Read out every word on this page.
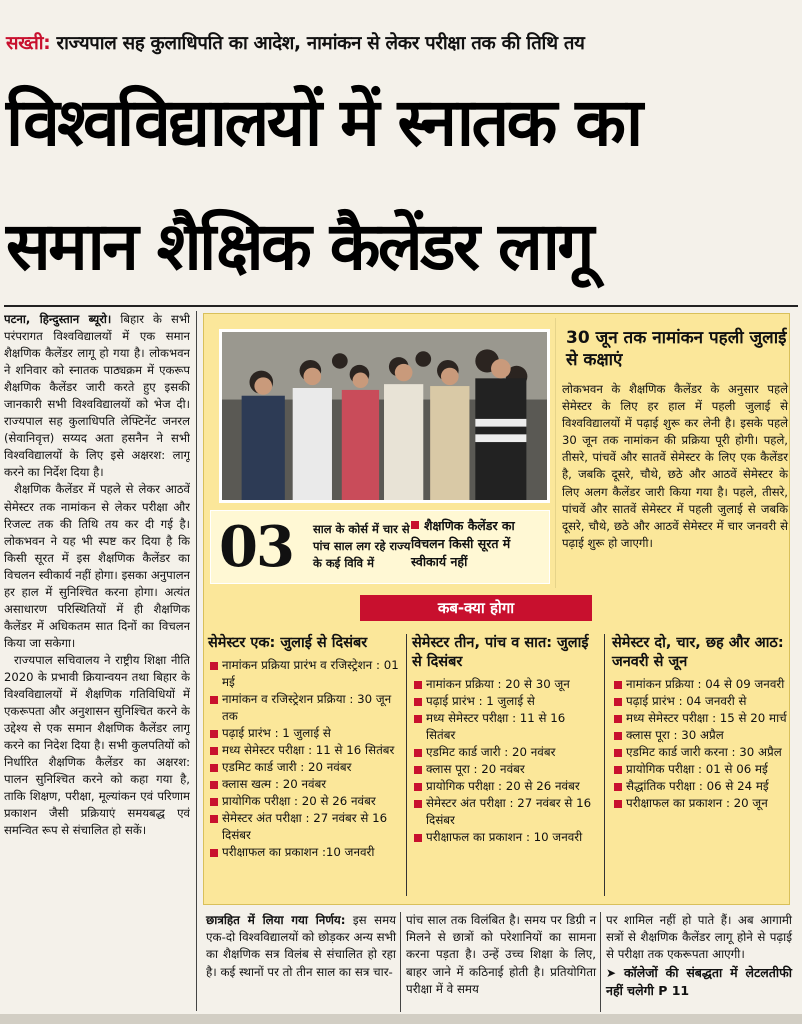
सख्ती: राज्यपाल सह कुलाधिपति का आदेश, नामांकन से लेकर परीक्षा तक की तिथि तय
विश्वविद्यालयों में स्नातक का
समान शैक्षिक कैलेंडर लागू

पटना, हिन्दुस्तान ब्यूरो। बिहार के सभी परंपरागत विश्वविद्यालयों में एक समान शैक्षणिक कैलेंडर लागू हो गया है। लोकभवन ने शनिवार को स्नातक पाठ्यक्रम में एकरूप शैक्षणिक कैलेंडर जारी करते हुए इसकी जानकारी सभी विश्वविद्यालयों को भेज दी। राज्यपाल सह कुलाधिपति लेफ्टिनेंट जनरल (सेवानिवृत्त) सय्यद अता हसनैन ने सभी विश्वविद्यालयों के लिए इसे अक्षरश: लागू करने का निर्देश दिया है।

शैक्षणिक कैलेंडर में पहले से लेकर आठवें सेमेस्टर तक नामांकन से लेकर परीक्षा और रिजल्ट तक की तिथि तय कर दी गई है। लोकभवन ने यह भी स्पष्ट कर दिया है कि किसी सूरत में इस शैक्षणिक कैलेंडर का विचलन स्वीकार्य नहीं होगा। इसका अनुपालन हर हाल में सुनिश्चित करना होगा। अत्यंत असाधारण परिस्थितियों में ही शैक्षणिक कैलेंडर में अधिकतम सात दिनों का विचलन किया जा सकेगा।

राज्यपाल सचिवालय ने राष्ट्रीय शिक्षा नीति 2020 के प्रभावी क्रियान्वयन तथा बिहार के विश्वविद्यालयों में शैक्षणिक गतिविधियों में एकरूपता और अनुशासन सुनिश्चित करने के उद्देश्य से एक समान शैक्षणिक कैलेंडर लागू करने का निदेश दिया है। सभी कुलपतियों को निर्धारित शैक्षणिक कैलेंडर का अक्षरश: पालन सुनिश्चित करने को कहा गया है, ताकि शिक्षण, परीक्षा, मूल्यांकन एवं परिणाम प्रकाशन जैसी प्रक्रियाएं समयबद्ध एवं समन्वित रूप से संचालित हो सकें।

03 साल के कोर्स में चार से पांच साल लग रहे राज्य के कई विवि में
शैक्षणिक कैलेंडर का विचलन किसी सूरत में स्वीकार्य नहीं
30 जून तक नामांकन पहली जुलाई से कक्षाएं
लोकभवन के शैक्षणिक कैलेंडर के अनुसार पहले सेमेस्टर के लिए हर हाल में पहली जुलाई से विश्वविद्यालयों में पढ़ाई शुरू कर लेनी है। इसके पहले 30 जून तक नामांकन की प्रक्रिया पूरी होगी। पहले, तीसरे, पांचवें और सातवें सेमेस्टर के लिए एक कैलेंडर है, जबकि दूसरे, चौथे, छठे और आठवें सेमेस्टर के लिए अलग कैलेंडर जारी किया गया है। पहले, तीसरे, पांचवें और सातवें सेमेस्टर में पहली जुलाई से जबकि दूसरे, चौथे, छठे और आठवें सेमेस्टर में चार जनवरी से पढ़ाई शुरू हो जाएगी।
कब-क्या होगा
सेमेस्टर एक: जुलाई से दिसंबर
नामांकन प्रक्रिया प्रारंभ व रजिस्ट्रेशन : 01 मई
नामांकन व रजिस्ट्रेशन प्रक्रिया : 30 जून तक
पढ़ाई प्रारंभ : 1 जुलाई से
मध्य सेमेस्टर परीक्षा : 11 से 16 सितंबर
एडमिट कार्ड जारी : 20 नवंबर
क्लास खत्म : 20 नवंबर
प्रायोगिक परीक्षा : 20 से 26 नवंबर
सेमेस्टर अंत परीक्षा : 27 नवंबर से 16 दिसंबर
परीक्षाफल का प्रकाशन :10 जनवरी
सेमेस्टर तीन, पांच व सात: जुलाई से दिसंबर
नामांकन प्रक्रिया : 20 से 30 जून
पढ़ाई प्रारंभ : 1 जुलाई से
मध्य सेमेस्टर परीक्षा : 11 से 16 सितंबर
एडमिट कार्ड जारी : 20 नवंबर
क्लास पूरा : 20 नवंबर
प्रायोगिक परीक्षा : 20 से 26 नवंबर
सेमेस्टर अंत परीक्षा : 27 नवंबर से 16 दिसंबर
परीक्षाफल का प्रकाशन : 10 जनवरी
सेमेस्टर दो, चार, छह और आठ: जनवरी से जून
नामांकन प्रक्रिया : 04 से 09 जनवरी
पढ़ाई प्रारंभ : 04 जनवरी से
मध्य सेमेस्टर परीक्षा : 15 से 20 मार्च
क्लास पूरा : 30 अप्रैल
एडमिट कार्ड जारी करना : 30 अप्रैल
प्रायोगिक परीक्षा : 01 से 06 मई
सैद्धांतिक परीक्षा : 06 से 24 मई
परीक्षाफल का प्रकाशन : 20 जून
छात्रहित में लिया गया निर्णय: इस समय एक-दो विश्वविद्यालयों को छोड़कर अन्य सभी का शैक्षणिक सत्र विलंब से संचालित हो रहा है। कई स्थानों पर तो तीन साल का सत्र चार-
पांच साल तक विलंबित है। समय पर डिग्री न मिलने से छात्रों को परेशानियों का सामना करना पड़ता है। उन्हें उच्च शिक्षा के लिए, बाहर जाने में कठिनाई होती है। प्रतियोगिता परीक्षा में वे समय
पर शामिल नहीं हो पाते हैं। अब आगामी सत्रों से शैक्षणिक कैलेंडर लागू होने से पढ़ाई से परीक्षा तक एकरूपता आएगी।
➤ कॉलेजों की संबद्धता में लेटलतीफी नहीं चलेगी P 11
